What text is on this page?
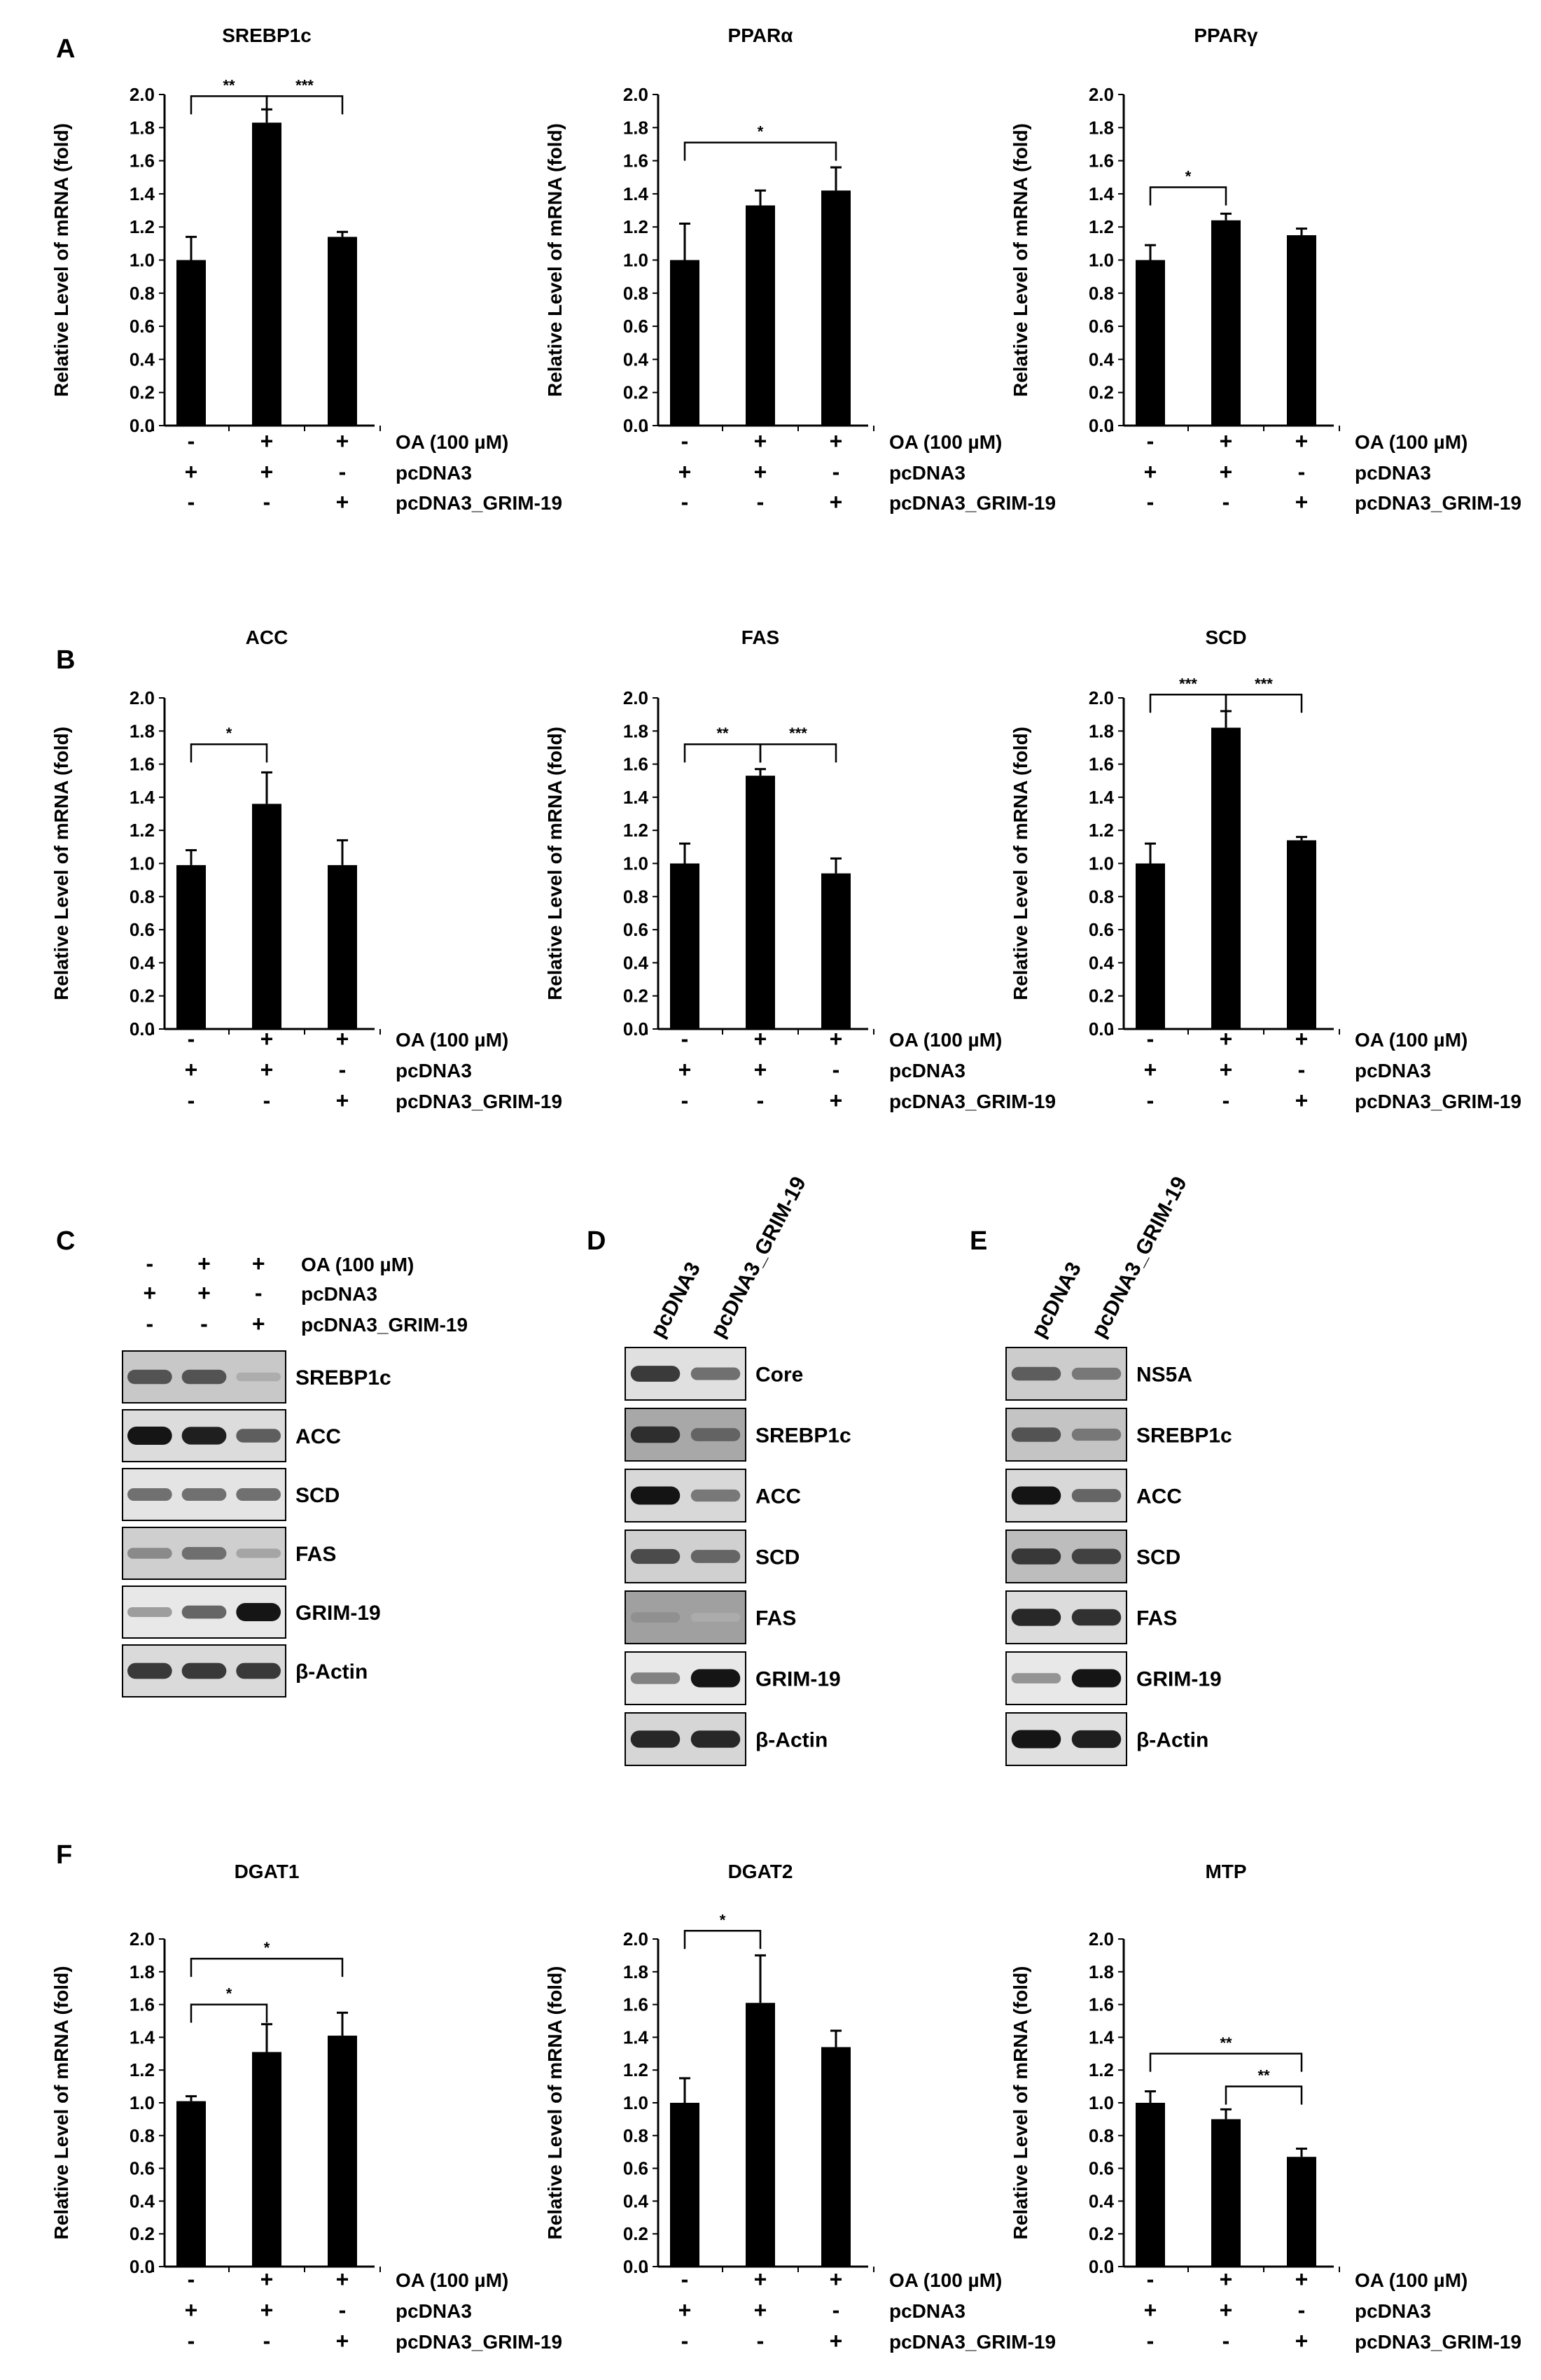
A	SREBP1c
Relative Level of mRNA (fold)
0.0
0.2
0.4
0.6
0.8
1.0
1.2
1.4
1.6
1.8
2.0	**	***
-	+	+ OA (100 µM)
+	+	-	pcDNA3
-	-	+ pcDNA3_GRIM-19
PPARα
Relative Level of mRNA (fold)
0.0
0.2
0.4
0.6
0.8
1.0
1.2
1.4
1.6
1.8
2.0
*
-	+	+ OA (100 µM)
+	+	-	pcDNA3
-	-	+ pcDNA3_GRIM-19
PPARγ
Relative Level of mRNA (fold)
0.0
0.2
0.4
0.6
0.8
1.0
1.2
1.4
1.6
1.8
2.0
*
-	+	+ OA (100 µM)
+	+	-	pcDNA3
-	-	+ pcDNA3_GRIM-19
B
ACC
Relative Level of mRNA (fold)
0.0
0.2
0.4
0.6
0.8
1.0
1.2
1.4
1.6
1.8
2.0
*
-	+	+ OA (100 µM)
+	+	-	pcDNA3
-	-	+ pcDNA3_GRIM-19
FAS
Relative Level of mRNA (fold)
0.0
0.2
0.4
0.6
0.8
1.0
1.2
1.4
1.6
1.8
2.0
**	***
-	+	+ OA (100 µM)
+	+	-	pcDNA3
-	-	+ pcDNA3_GRIM-19
SCD
Relative Level of mRNA (fold)
0.0
0.2
0.4
0.6
0.8
1.0
1.2
1.4
1.6
1.8
2.0
***	***
-	+	+ OA (100 µM)
+	+	-	pcDNA3
-	-	+ pcDNA3_GRIM-19
F
DGAT1
Relative Level of mRNA (fold)
0.0
0.2
0.4
0.6
0.8
1.0
1.2
1.4
1.6
1.8
2.0
*
*
-	+	+ OA (100 µM)
+	+	-	pcDNA3
-	-	+ pcDNA3_GRIM-19
DGAT2
Relative Level of mRNA (fold)
0.0
0.2
0.4
0.6
0.8
1.0
1.2
1.4
1.6
1.8
2.0
*
-	+	+ OA (100 µM)
+	+	-	pcDNA3
-	-	+ pcDNA3_GRIM-19
MTP
Relative Level of mRNA (fold)
0.0
0.2
0.4
0.6
0.8
1.0
1.2
1.4
1.6
1.8
2.0
**
**
-	+	+ OA (100 µM)
+	+	-	pcDNA3
-	-	+ pcDNA3_GRIM-19
C
- + + OA (100 µM)
+ + - pcDNA3
- - + pcDNA3_GRIM-19
SREBP1c
ACC
SCD
FAS
GRIM-19
β-Actin
D
pcDNA3 pcDNA3_GRIM-19
Core
SREBP1c
ACC
SCD
FAS
GRIM-19
β-Actin
E
pcDNA3 pcDNA3_GRIM-19
NS5A
SREBP1c
ACC
SCD
FAS
GRIM-19
β-Actin
